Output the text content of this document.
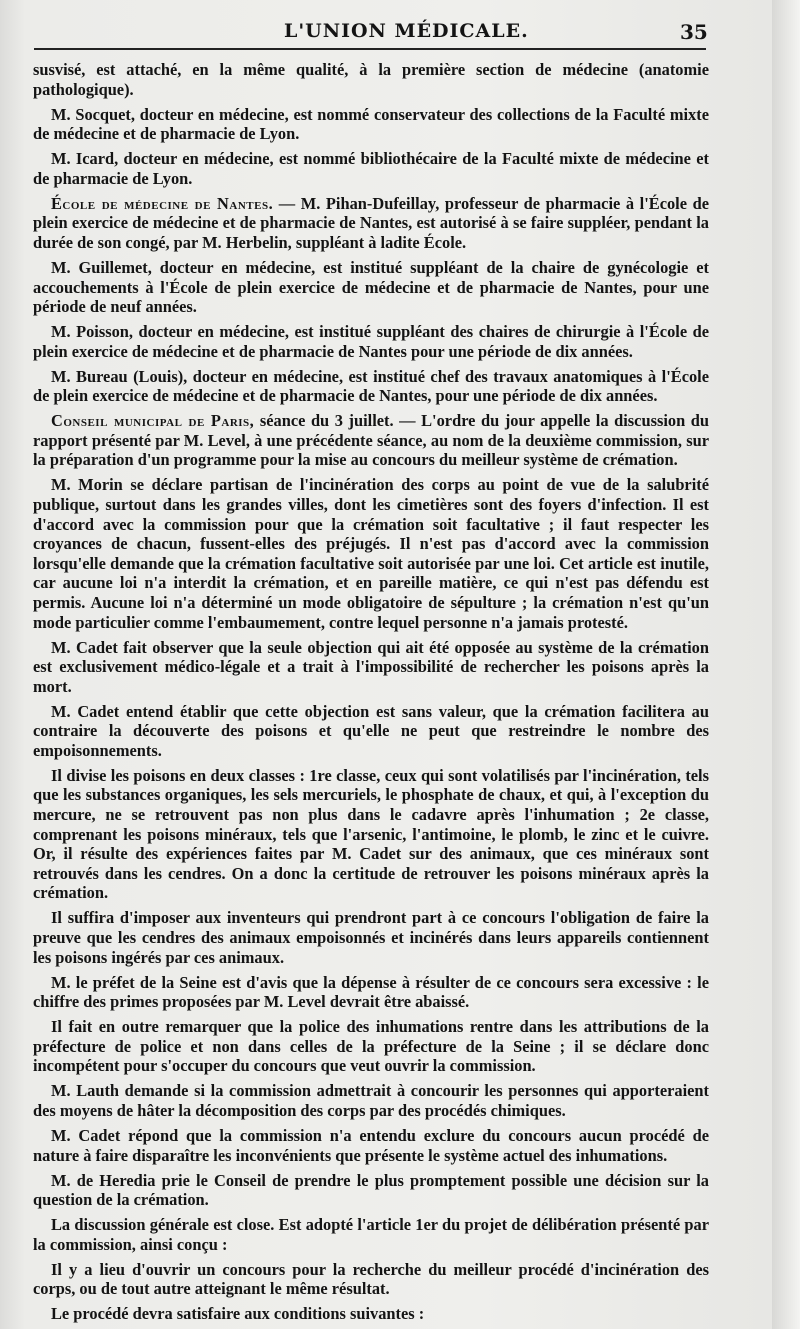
L'UNION MÉDICALE.	35

susvisé, est attaché, en la même qualité, à la première section de médecine (anatomie pathologique).

M. Socquet, docteur en médecine, est nommé conservateur des collections de la Faculté mixte de médecine et de pharmacie de Lyon.

M. Icard, docteur en médecine, est nommé bibliothécaire de la Faculté mixte de médecine et de pharmacie de Lyon.

École de médecine de Nantes. — M. Pihan-Dufeillay, professeur de pharmacie à l'École de plein exercice de médecine et de pharmacie de Nantes, est autorisé à se faire suppléer, pendant la durée de son congé, par M. Herbelin, suppléant à ladite École.

M. Guillemet, docteur en médecine, est institué suppléant de la chaire de gynécologie et accouchements à l'École de plein exercice de médecine et de pharmacie de Nantes, pour une période de neuf années.

M. Poisson, docteur en médecine, est institué suppléant des chaires de chirurgie à l'École de plein exercice de médecine et de pharmacie de Nantes pour une période de dix années.

M. Bureau (Louis), docteur en médecine, est institué chef des travaux anatomiques à l'École de plein exercice de médecine et de pharmacie de Nantes, pour une période de dix années.

Conseil municipal de Paris, séance du 3 juillet. — L'ordre du jour appelle la discussion du rapport présenté par M. Level, à une précédente séance, au nom de la deuxième commission, sur la préparation d'un programme pour la mise au concours du meilleur système de crémation.

M. Morin se déclare partisan de l'incinération des corps au point de vue de la salubrité publique, surtout dans les grandes villes, dont les cimetières sont des foyers d'infection. Il est d'accord avec la commission pour que la crémation soit facultative ; il faut respecter les croyances de chacun, fussent-elles des préjugés. Il n'est pas d'accord avec la commission lorsqu'elle demande que la crémation facultative soit autorisée par une loi. Cet article est inutile, car aucune loi n'a interdit la crémation, et en pareille matière, ce qui n'est pas défendu est permis. Aucune loi n'a déterminé un mode obligatoire de sépulture ; la crémation n'est qu'un mode particulier comme l'embaumement, contre lequel personne n'a jamais protesté.

M. Cadet fait observer que la seule objection qui ait été opposée au système de la crémation est exclusivement médico-légale et a trait à l'impossibilité de rechercher les poisons après la mort.

M. Cadet entend établir que cette objection est sans valeur, que la crémation facilitera au contraire la découverte des poisons et qu'elle ne peut que restreindre le nombre des empoisonnements.

Il divise les poisons en deux classes : 1re classe, ceux qui sont volatilisés par l'incinération, tels que les substances organiques, les sels mercuriels, le phosphate de chaux, et qui, à l'exception du mercure, ne se retrouvent pas non plus dans le cadavre après l'inhumation ; 2e classe, comprenant les poisons minéraux, tels que l'arsenic, l'antimoine, le plomb, le zinc et le cuivre. Or, il résulte des expériences faites par M. Cadet sur des animaux, que ces minéraux sont retrouvés dans les cendres. On a donc la certitude de retrouver les poisons minéraux après la crémation.

Il suffira d'imposer aux inventeurs qui prendront part à ce concours l'obligation de faire la preuve que les cendres des animaux empoisonnés et incinérés dans leurs appareils contiennent les poisons ingérés par ces animaux.

M. le préfet de la Seine est d'avis que la dépense à résulter de ce concours sera excessive : le chiffre des primes proposées par M. Level devrait être abaissé.

Il fait en outre remarquer que la police des inhumations rentre dans les attributions de la préfecture de police et non dans celles de la préfecture de la Seine ; il se déclare donc incompétent pour s'occuper du concours que veut ouvrir la commission.

M. Lauth demande si la commission admettrait à concourir les personnes qui apporteraient des moyens de hâter la décomposition des corps par des procédés chimiques.

M. Cadet répond que la commission n'a entendu exclure du concours aucun procédé de nature à faire disparaître les inconvénients que présente le système actuel des inhumations.

M. de Heredia prie le Conseil de prendre le plus promptement possible une décision sur la question de la crémation.

La discussion générale est close. Est adopté l'article 1er du projet de délibération présenté par la commission, ainsi conçu :

Il y a lieu d'ouvrir un concours pour la recherche du meilleur procédé d'incinération des corps, ou de tout autre atteignant le même résultat.

Le procédé devra satisfaire aux conditions suivantes :
